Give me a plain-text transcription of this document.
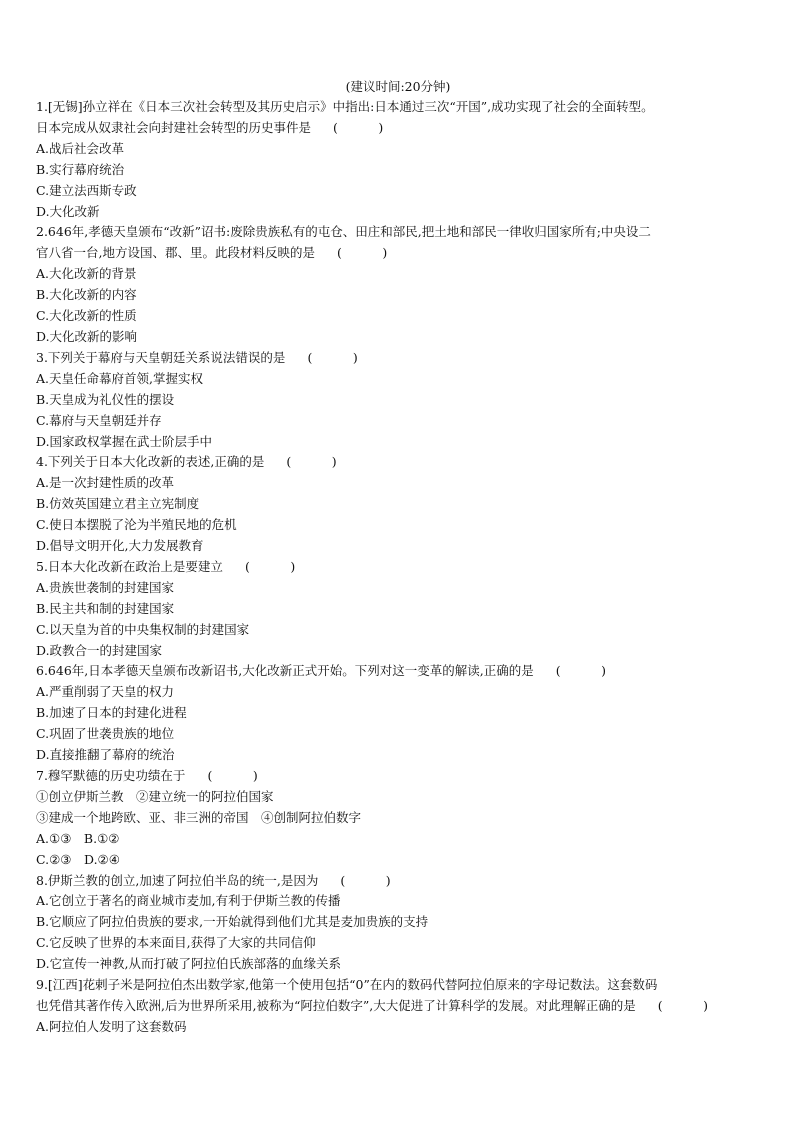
(建议时间:20分钟)
1.[无锡]孙立祥在《日本三次社会转型及其历史启示》中指出:日本通过三次“开国”,成功实现了社会的全面转型。
日本完成从奴隶社会向封建社会转型的历史事件是 (　)
A.战后社会改革
B.实行幕府统治
C.建立法西斯专政
D.大化改新
2.646年,孝德天皇颁布“改新”诏书:废除贵族私有的屯仓、田庄和部民,把土地和部民一律收归国家所有;中央设二
官八省一台,地方设国、郡、里。此段材料反映的是 (　)
A.大化改新的背景
B.大化改新的内容
C.大化改新的性质
D.大化改新的影响
3.下列关于幕府与天皇朝廷关系说法错误的是 (　)
A.天皇任命幕府首领,掌握实权
B.天皇成为礼仪性的摆设
C.幕府与天皇朝廷并存
D.国家政权掌握在武士阶层手中
4.下列关于日本大化改新的表述,正确的是 (　)
A.是一次封建性质的改革
B.仿效英国建立君主立宪制度
C.使日本摆脱了沦为半殖民地的危机
D.倡导文明开化,大力发展教育
5.日本大化改新在政治上是要建立 (　)
A.贵族世袭制的封建国家
B.民主共和制的封建国家
C.以天皇为首的中央集权制的封建国家
D.政教合一的封建国家
6.646年,日本孝德天皇颁布改新诏书,大化改新正式开始。下列对这一变革的解读,正确的是 (　)
A.严重削弱了天皇的权力
B.加速了日本的封建化进程
C.巩固了世袭贵族的地位
D.直接推翻了幕府的统治
7.穆罕默德的历史功绩在于 (　)
①创立伊斯兰教　②建立统一的阿拉伯国家
③建成一个地跨欧、亚、非三洲的帝国　④创制阿拉伯数字
A.①③　B.①②
C.②③　D.②④
8.伊斯兰教的创立,加速了阿拉伯半岛的统一,是因为 (　)
A.它创立于著名的商业城市麦加,有利于伊斯兰教的传播
B.它顺应了阿拉伯贵族的要求,一开始就得到他们尤其是麦加贵族的支持
C.它反映了世界的本来面目,获得了大家的共同信仰
D.它宣传一神教,从而打破了阿拉伯氏族部落的血缘关系
9.[江西]花剌子米是阿拉伯杰出数学家,他第一个使用包括“0”在内的数码代替阿拉伯原来的字母记数法。这套数码
也凭借其著作传入欧洲,后为世界所采用,被称为“阿拉伯数字”,大大促进了计算科学的发展。对此理解正确的是 (　)
A.阿拉伯人发明了这套数码
